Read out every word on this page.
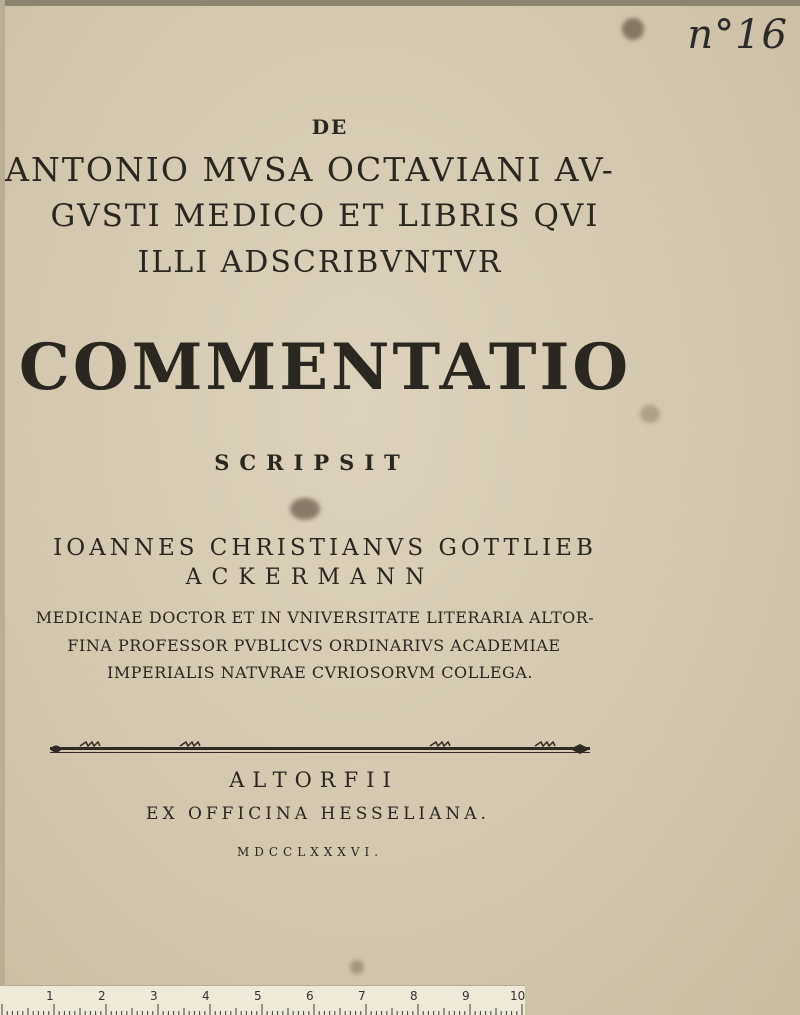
n°16
DE
ANTONIO MVSA OCTAVIANI AV-
GVSTI MEDICO ET LIBRIS QVI
ILLI ADSCRIBVNTVR
COMMENTATIO
SCRIPSIT
IOANNES CHRISTIANVS GOTTLIEB
ACKERMANN
MEDICINAE DOCTOR ET IN VNIVERSITATE LITERARIA ALTOR-
FINA PROFESSOR PVBLICVS ORDINARIVS ACADEMIAE
IMPERIALIS NATVRAE CVRIOSORVM COLLEGA.
ALTORFII
EX OFFICINA HESSELIANA.
MDCCLXXXVI.
1	2	3	4	5	6	7	8	9	10
